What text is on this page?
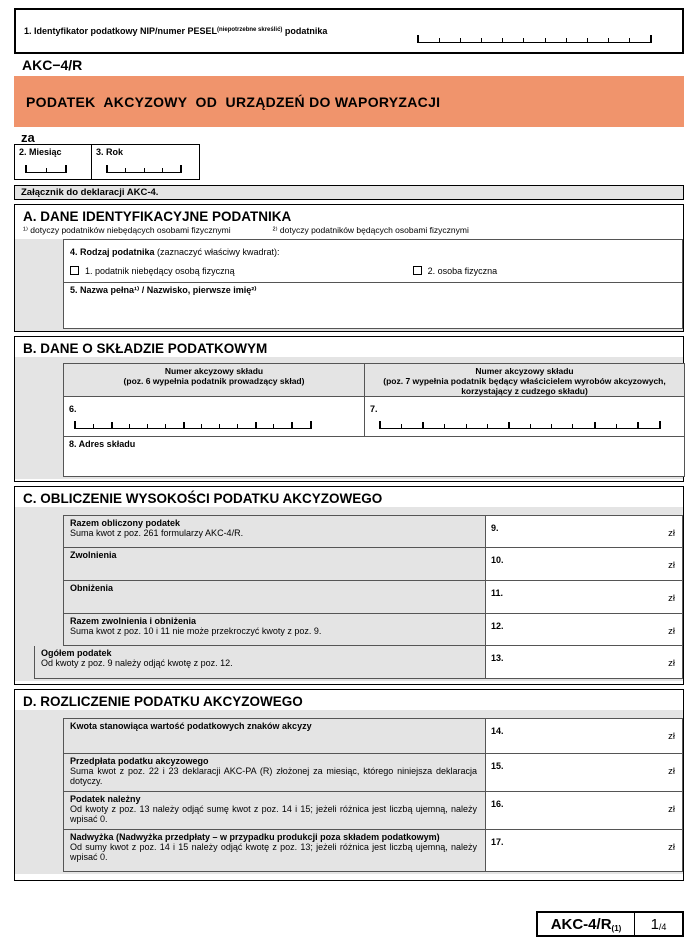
1. Identyfikator podatkowy NIP/numer $PESEL^{(niepotrzebne skreślić)}$ podatnika
AKC−4/R
PODATEK  AKCYZOWY  OD  URZĄDZEŃ DO WAPORYZACJI
za
2. Miesiąc	3. Rok
Załącznik do deklaracji AKC-4.
A. DANE IDENTYFIKACYJNE PODATNIKA
¹⁾ dotyczy podatników niebędących osobami fizycznymi	²⁾ dotyczy podatników będących osobami fizycznymi
4. Rodzaj podatnika (zaznaczyć właściwy kwadrat):
1. podatnik niebędący osobą fizyczną	2. osoba fizyczna
5. Nazwa pełna¹⁾ / Nazwisko, pierwsze imię²⁾
B. DANE O SKŁADZIE PODATKOWYM
Numer akcyzowy składu
(poz. 6 wypełnia podatnik prowadzący skład)
Numer akcyzowy składu
(poz. 7 wypełnia podatnik będący właścicielem wyrobów akcyzowych, korzystający z cudzego składu)
6.	7.
8. Adres składu
C. OBLICZENIE WYSOKOŚCI PODATKU AKCYZOWEGO
Razem obliczony podatek
Suma kwot z poz. 261 formularzy AKC-4/R.	9.	zł
Zwolnienia	10.	zł
Obniżenia	11.	zł
Razem zwolnienia i obniżenia
Suma kwot z poz. 10 i 11 nie może przekroczyć kwoty z poz. 9.	12.	zł
Ogółem podatek
Od kwoty z poz. 9 należy odjąć kwotę z poz. 12.	13.	zł
D. ROZLICZENIE PODATKU AKCYZOWEGO
Kwota stanowiąca wartość podatkowych znaków akcyzy	14.	zł
Przedpłata podatku akcyzowego
Suma kwot z poz. 22 i 23 deklaracji AKC-PA (R) złożonej za miesiąc, którego niniejsza deklaracja dotyczy.
15.	zł
Podatek należny
Od kwoty z poz. 13 należy odjąć sumę kwot z poz. 14 i 15; jeżeli różnica jest liczbą ujemną, należy wpisać 0.
16.	zł
Nadwyżka (Nadwyżka przedpłaty – w przypadku produkcji poza składem podatkowym)
Od sumy kwot z poz. 14 i 15 należy odjąć kwotę z poz. 13; jeżeli różnica jest liczbą ujemną, należy wpisać 0.
17.	zł
AKC-$4/R_{(1)}$	1/4
